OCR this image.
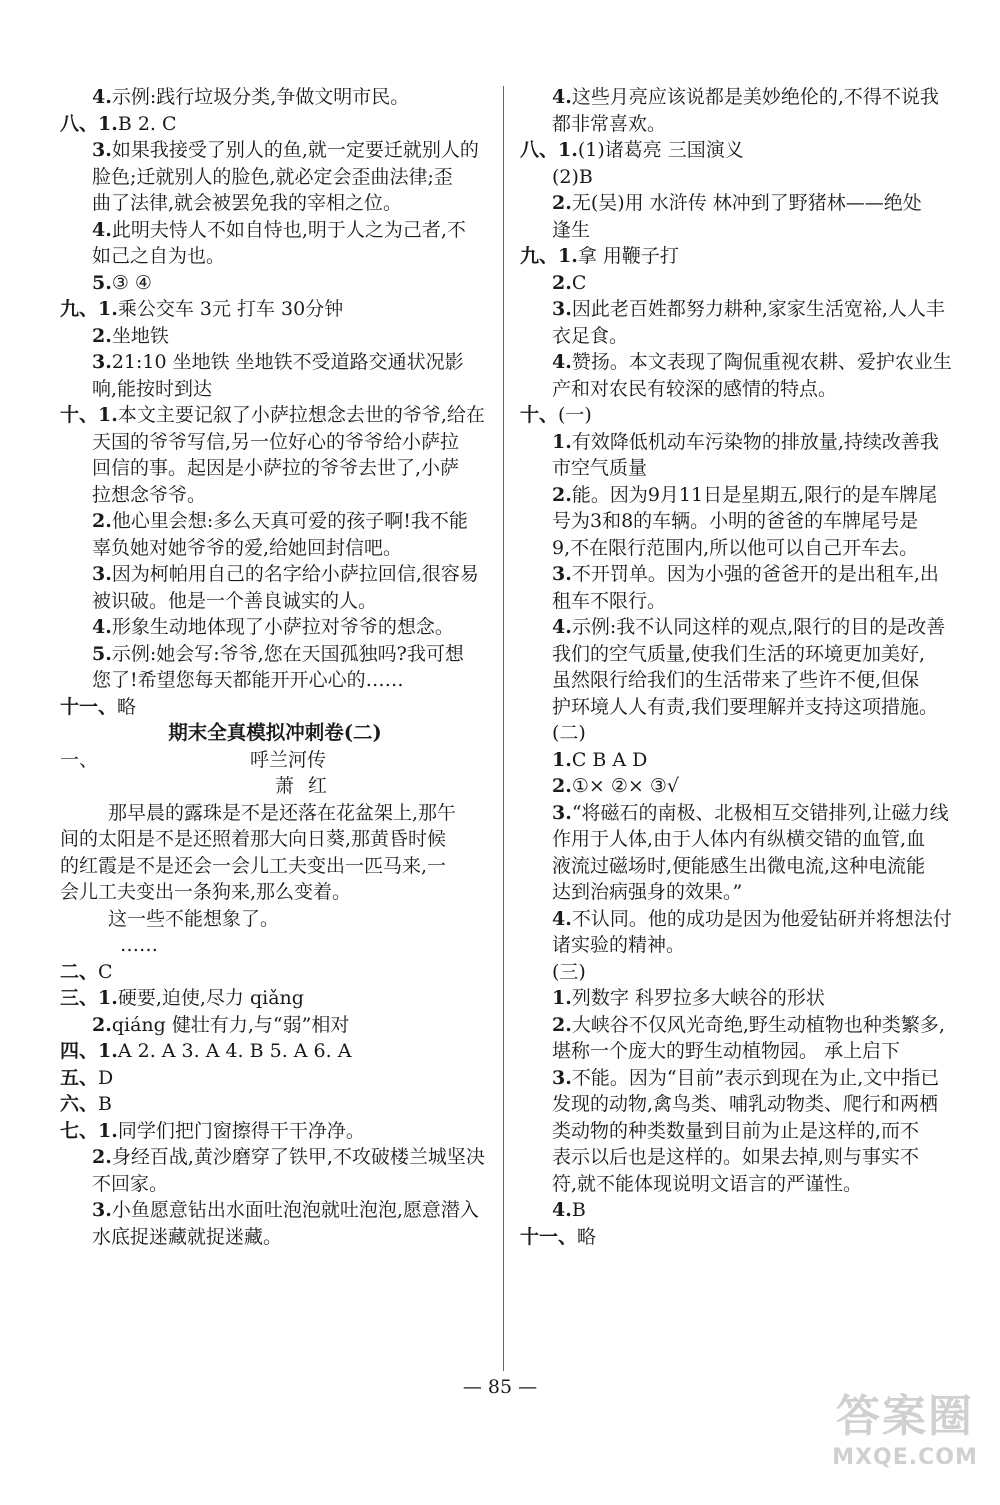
4.示例:践行垃圾分类,争做文明市民。
八、1.B 2. C
3.如果我接受了别人的鱼,就一定要迁就别人的
脸色;迁就别人的脸色,就必定会歪曲法律;歪
曲了法律,就会被罢免我的宰相之位。
4.此明夫恃人不如自恃也,明于人之为己者,不
如己之自为也。
5.③ ④
九、1.乘公交车 3元 打车 30分钟
2.坐地铁
3.21:10 坐地铁 坐地铁不受道路交通状况影
响,能按时到达
十、1.本文主要记叙了小萨拉想念去世的爷爷,给在
天国的爷爷写信,另一位好心的爷爷给小萨拉
回信的事。起因是小萨拉的爷爷去世了,小萨
拉想念爷爷。
2.他心里会想:多么天真可爱的孩子啊!我不能
辜负她对她爷爷的爱,给她回封信吧。
3.因为柯帕用自己的名字给小萨拉回信,很容易
被识破。他是一个善良诚实的人。
4.形象生动地体现了小萨拉对爷爷的想念。
5.示例:她会写:爷爷,您在天国孤独吗?我可想
您了!希望您每天都能开开心心的……
十一、略
期末全真模拟冲刺卷(二)
一、	呼兰河传
萧红
那早晨的露珠是不是还落在花盆架上,那午
间的太阳是不是还照着那大向日葵,那黄昏时候
的红霞是不是还会一会儿工夫变出一匹马来,一
会儿工夫变出一条狗来,那么变着。
这一些不能想象了。
……
二、C
三、1.硬要,迫使,尽力 qiǎng
2.qiáng 健壮有力,与“弱”相对
四、1.A 2. A 3. A 4. B 5. A 6. A
五、D
六、B
七、1.同学们把门窗擦得干干净净。
2.身经百战,黄沙磨穿了铁甲,不攻破楼兰城坚决
不回家。
3.小鱼愿意钻出水面吐泡泡就吐泡泡,愿意潜入
水底捉迷藏就捉迷藏。
4.这些月亮应该说都是美妙绝伦的,不得不说我
都非常喜欢。
八、1.(1)诸葛亮 三国演义
(2)B
2.无(吴)用 水浒传 林冲到了野猪林——绝处
逢生
九、1.拿 用鞭子打
2.C
3.因此老百姓都努力耕种,家家生活宽裕,人人丰
衣足食。
4.赞扬。本文表现了陶侃重视农耕、爱护农业生
产和对农民有较深的感情的特点。
十、(一)
1.有效降低机动车污染物的排放量,持续改善我
市空气质量
2.能。因为9月11日是星期五,限行的是车牌尾
号为3和8的车辆。小明的爸爸的车牌尾号是
9,不在限行范围内,所以他可以自己开车去。
3.不开罚单。因为小强的爸爸开的是出租车,出
租车不限行。
4.示例:我不认同这样的观点,限行的目的是改善
我们的空气质量,使我们生活的环境更加美好,
虽然限行给我们的生活带来了些许不便,但保
护环境人人有责,我们要理解并支持这项措施。
(二)
1.C B A D
2.①× ②× ③√
3.“将磁石的南极、北极相互交错排列,让磁力线
作用于人体,由于人体内有纵横交错的血管,血
液流过磁场时,便能感生出微电流,这种电流能
达到治病强身的效果。”
4.不认同。他的成功是因为他爱钻研并将想法付
诸实验的精神。
(三)
1.列数字 科罗拉多大峡谷的形状
2.大峡谷不仅风光奇绝,野生动植物也种类繁多,
堪称一个庞大的野生动植物园。 承上启下
3.不能。因为“目前”表示到现在为止,文中指已
发现的动物,禽鸟类、哺乳动物类、爬行和两栖
类动物的种类数量到目前为止是这样的,而不
表示以后也是这样的。如果去掉,则与事实不
符,就不能体现说明文语言的严谨性。
4.B
十一、略
— 85 —
答案圈
MXQE.COM
